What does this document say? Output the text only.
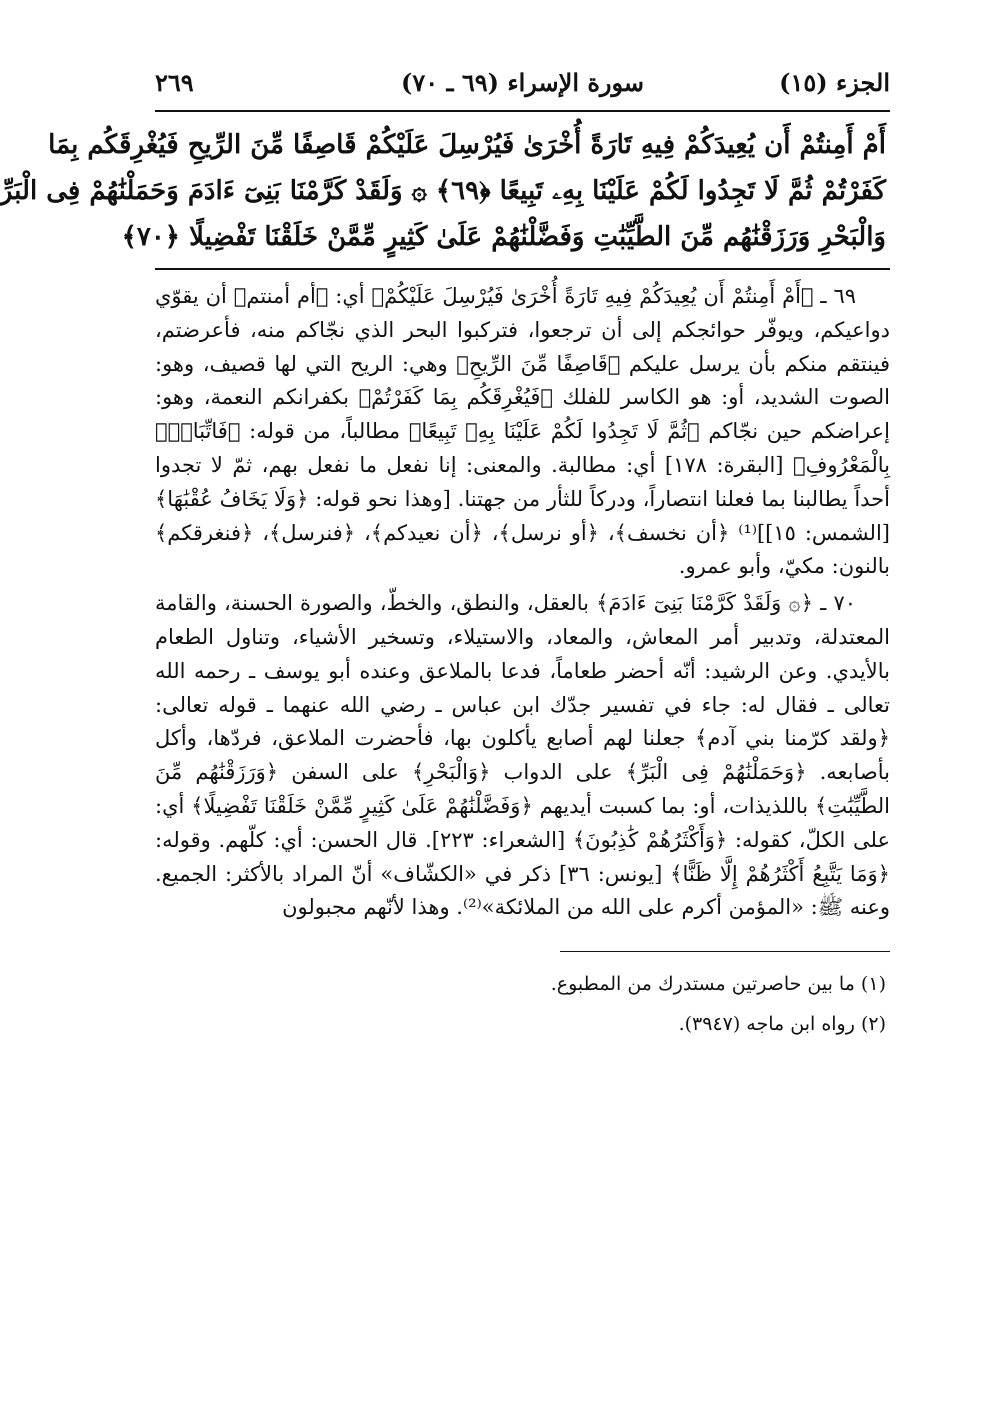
الجزء (١٥)
سورة الإسراء (٦٩ ـ ٧٠)
٢٦٩
أَمْ أَمِنتُمْ أَن يُعِيدَكُمْ فِيهِ تَارَةً أُخْرَىٰ فَيُرْسِلَ عَلَيْكُمْ قَاصِفًا مِّنَ الرِّيحِ فَيُغْرِقَكُم بِمَا
كَفَرْتُمْ ثُمَّ لَا تَجِدُوا لَكُمْ عَلَيْنَا بِهِۦ تَبِيعًا ﴿٦٩﴾ ۞ وَلَقَدْ كَرَّمْنَا بَنِىٓ ءَادَمَ وَحَمَلْنَٰهُمْ فِى الْبَرِّ
وَالْبَحْرِ وَرَزَقْنَٰهُم مِّنَ الطَّيِّبَٰتِ وَفَضَّلْنَٰهُمْ عَلَىٰ كَثِيرٍ مِّمَّنْ خَلَقْنَا تَفْضِيلًا ﴿٧٠﴾

٦٩ ـ ﴿أَمْ أَمِنتُمْ أَن يُعِيدَكُمْ فِيهِ تَارَةً أُخْرَىٰ فَيُرْسِلَ عَلَيْكُمْ﴾ أي: ﴿أم أمنتم﴾ أن يقوّي دواعيكم، ويوفّر حوائجكم إلى أن ترجعوا، فتركبوا البحر الذي نجّاكم منه، فأعرضتم، فينتقم منكم بأن يرسل عليكم ﴿قَاصِفًا مِّنَ الرِّيحِ﴾ وهي: الريح التي لها قصيف، وهو: الصوت الشديد، أو: هو الكاسر للفلك ﴿فَيُغْرِقَكُم بِمَا كَفَرْتُمْ﴾ بكفرانكم النعمة، وهو: إعراضكم حين نجّاكم ﴿ثُمَّ لَا تَجِدُوا لَكُمْ عَلَيْنَا بِهِۦ تَبِيعًا﴾ مطالباً، من قوله: ﴿فَاتِّبَاعٌۢ بِالْمَعْرُوفِ﴾ [البقرة: ١٧٨] أي: مطالبة. والمعنى: إنا نفعل ما نفعل بهم، ثمّ لا تجدوا أحداً يطالبنا بما فعلنا انتصاراً، ودركاً للثأر من جهتنا. [وهذا نحو قوله: ﴿وَلَا يَخَافُ عُقْبَٰهَا﴾ [الشمس: ١٥]]⁽¹⁾ ﴿أن نخسف﴾، ﴿أو نرسل﴾، ﴿أن نعيدكم﴾، ﴿فنرسل﴾، ﴿فنغرقكم﴾ بالنون: مكيّ، وأبو عمرو.

٧٠ ـ ﴿۞ وَلَقَدْ كَرَّمْنَا بَنِىٓ ءَادَمَ﴾ بالعقل، والنطق، والخطّ، والصورة الحسنة، والقامة المعتدلة، وتدبير أمر المعاش، والمعاد، والاستيلاء، وتسخير الأشياء، وتناول الطعام بالأيدي. وعن الرشيد: أنّه أحضر طعاماً، فدعا بالملاعق وعنده أبو يوسف ـ رحمه الله تعالى ـ فقال له: جاء في تفسير جدّك ابن عباس ـ رضي الله عنهما ـ قوله تعالى: ﴿ولقد كرّمنا بني آدم﴾ جعلنا لهم أصابع يأكلون بها، فأحضرت الملاعق، فردّها، وأكل بأصابعه. ﴿وَحَمَلْنَٰهُمْ فِى الْبَرِّ﴾ على الدواب ﴿وَالْبَحْرِ﴾ على السفن ﴿وَرَزَقْنَٰهُم مِّنَ الطَّيِّبَٰتِ﴾ باللذيذات، أو: بما كسبت أيديهم ﴿وَفَضَّلْنَٰهُمْ عَلَىٰ كَثِيرٍ مِّمَّنْ خَلَقْنَا تَفْضِيلًا﴾ أي: على الكلّ، كقوله: ﴿وَأَكْثَرُهُمْ كَٰذِبُونَ﴾ [الشعراء: ٢٢٣]. قال الحسن: أي: كلّهم. وقوله: ﴿وَمَا يَتَّبِعُ أَكْثَرُهُمْ إِلَّا ظَنًّا﴾ [يونس: ٣٦] ذكر في «الكشّاف» أنّ المراد بالأكثر: الجميع. وعنه ﷺ: «المؤمن أكرم على الله من الملائكة»⁽²⁾. وهذا لأنّهم مجبولون

(١) ما بين حاصرتين مستدرك من المطبوع.
(٢) رواه ابن ماجه (٣٩٤٧).
